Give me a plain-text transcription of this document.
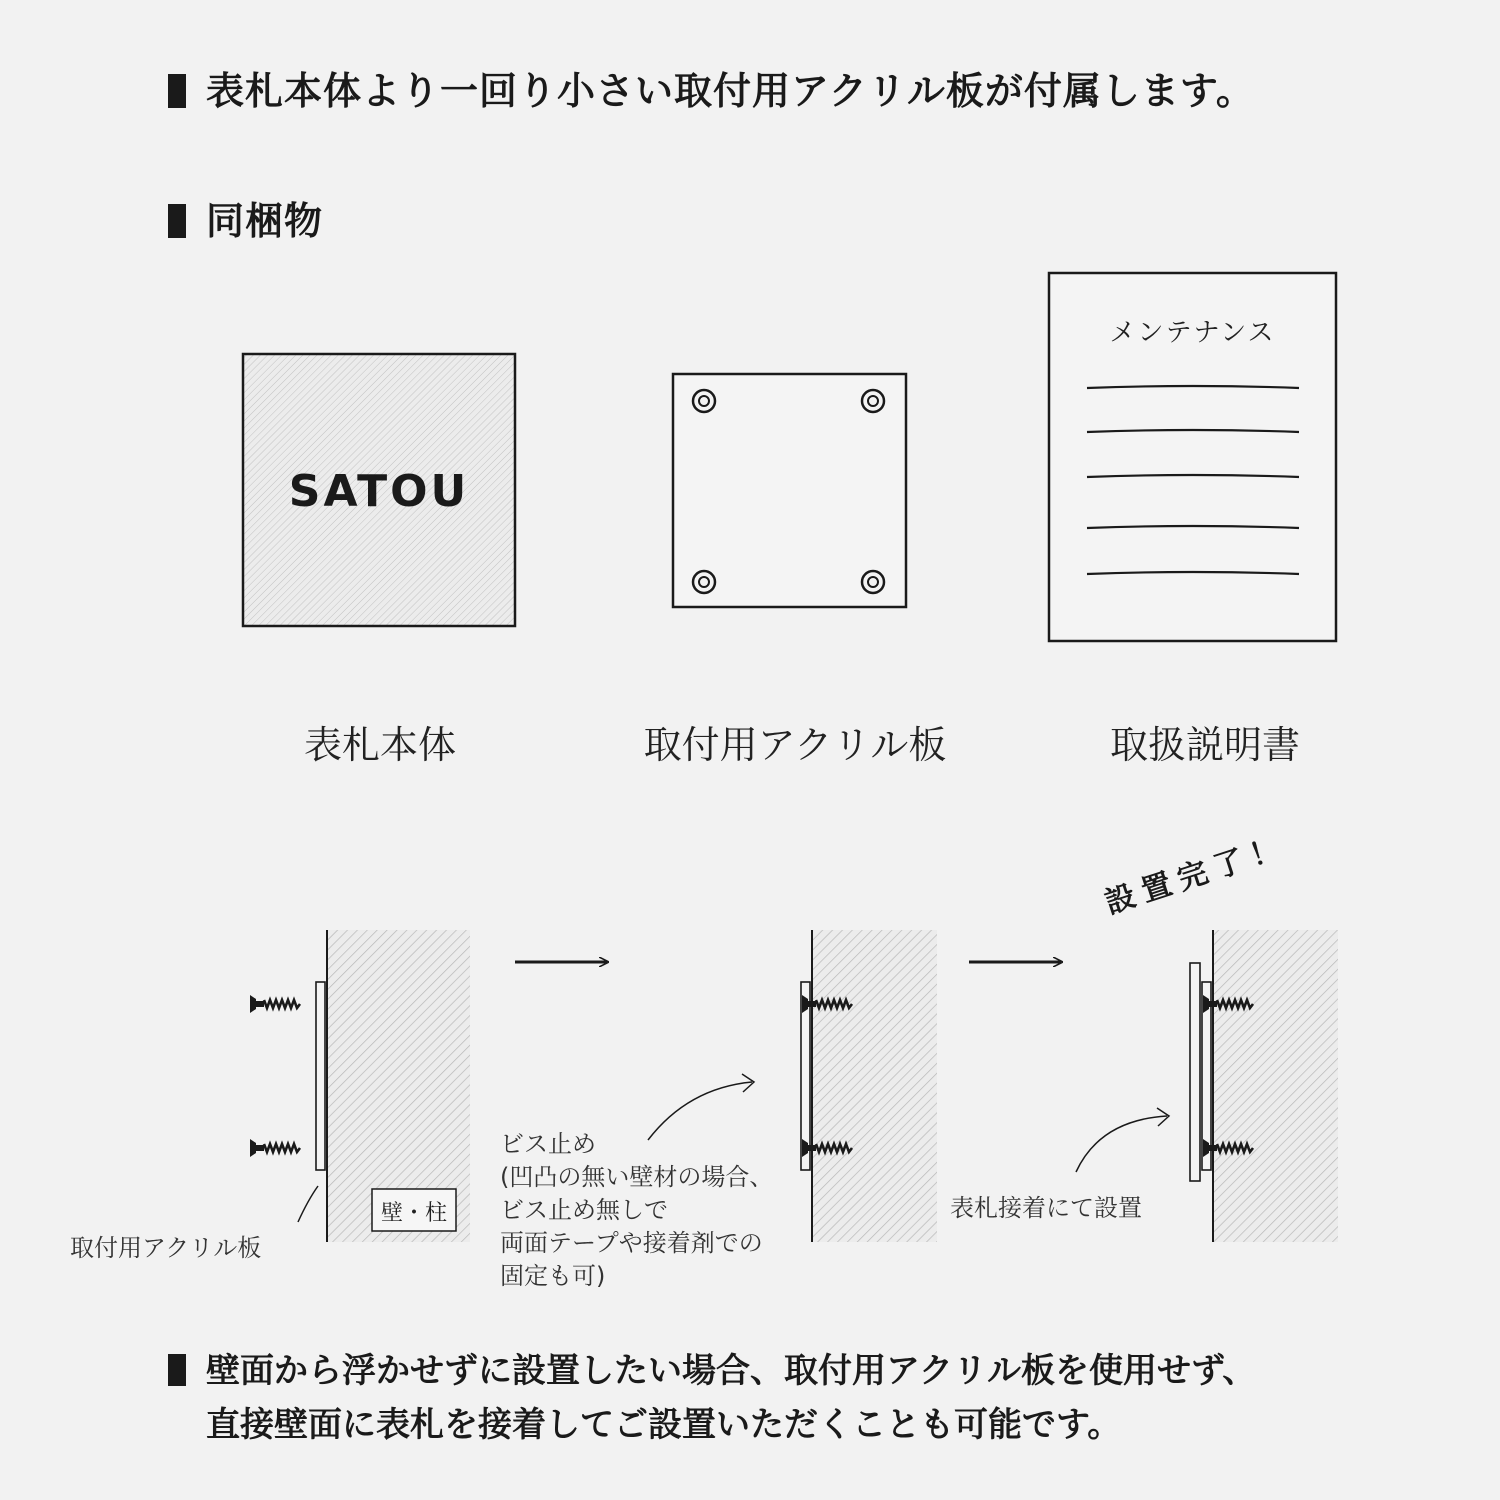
表札本体より一回り小さい取付用アクリル板が付属します。
同梱物
SATOU
メンテナンス
表札本体	取付用アクリル板	取扱説明書
取付用アクリル板
壁・柱
ビス止め
(凹凸の無い壁材の場合、
ビス止め無しで
両面テープや接着剤での
固定も可)
表札接着にて設置
設置完了！
壁面から浮かせずに設置したい場合、取付用アクリル板を使用せず、
直接壁面に表札を接着してご設置いただくことも可能です。
